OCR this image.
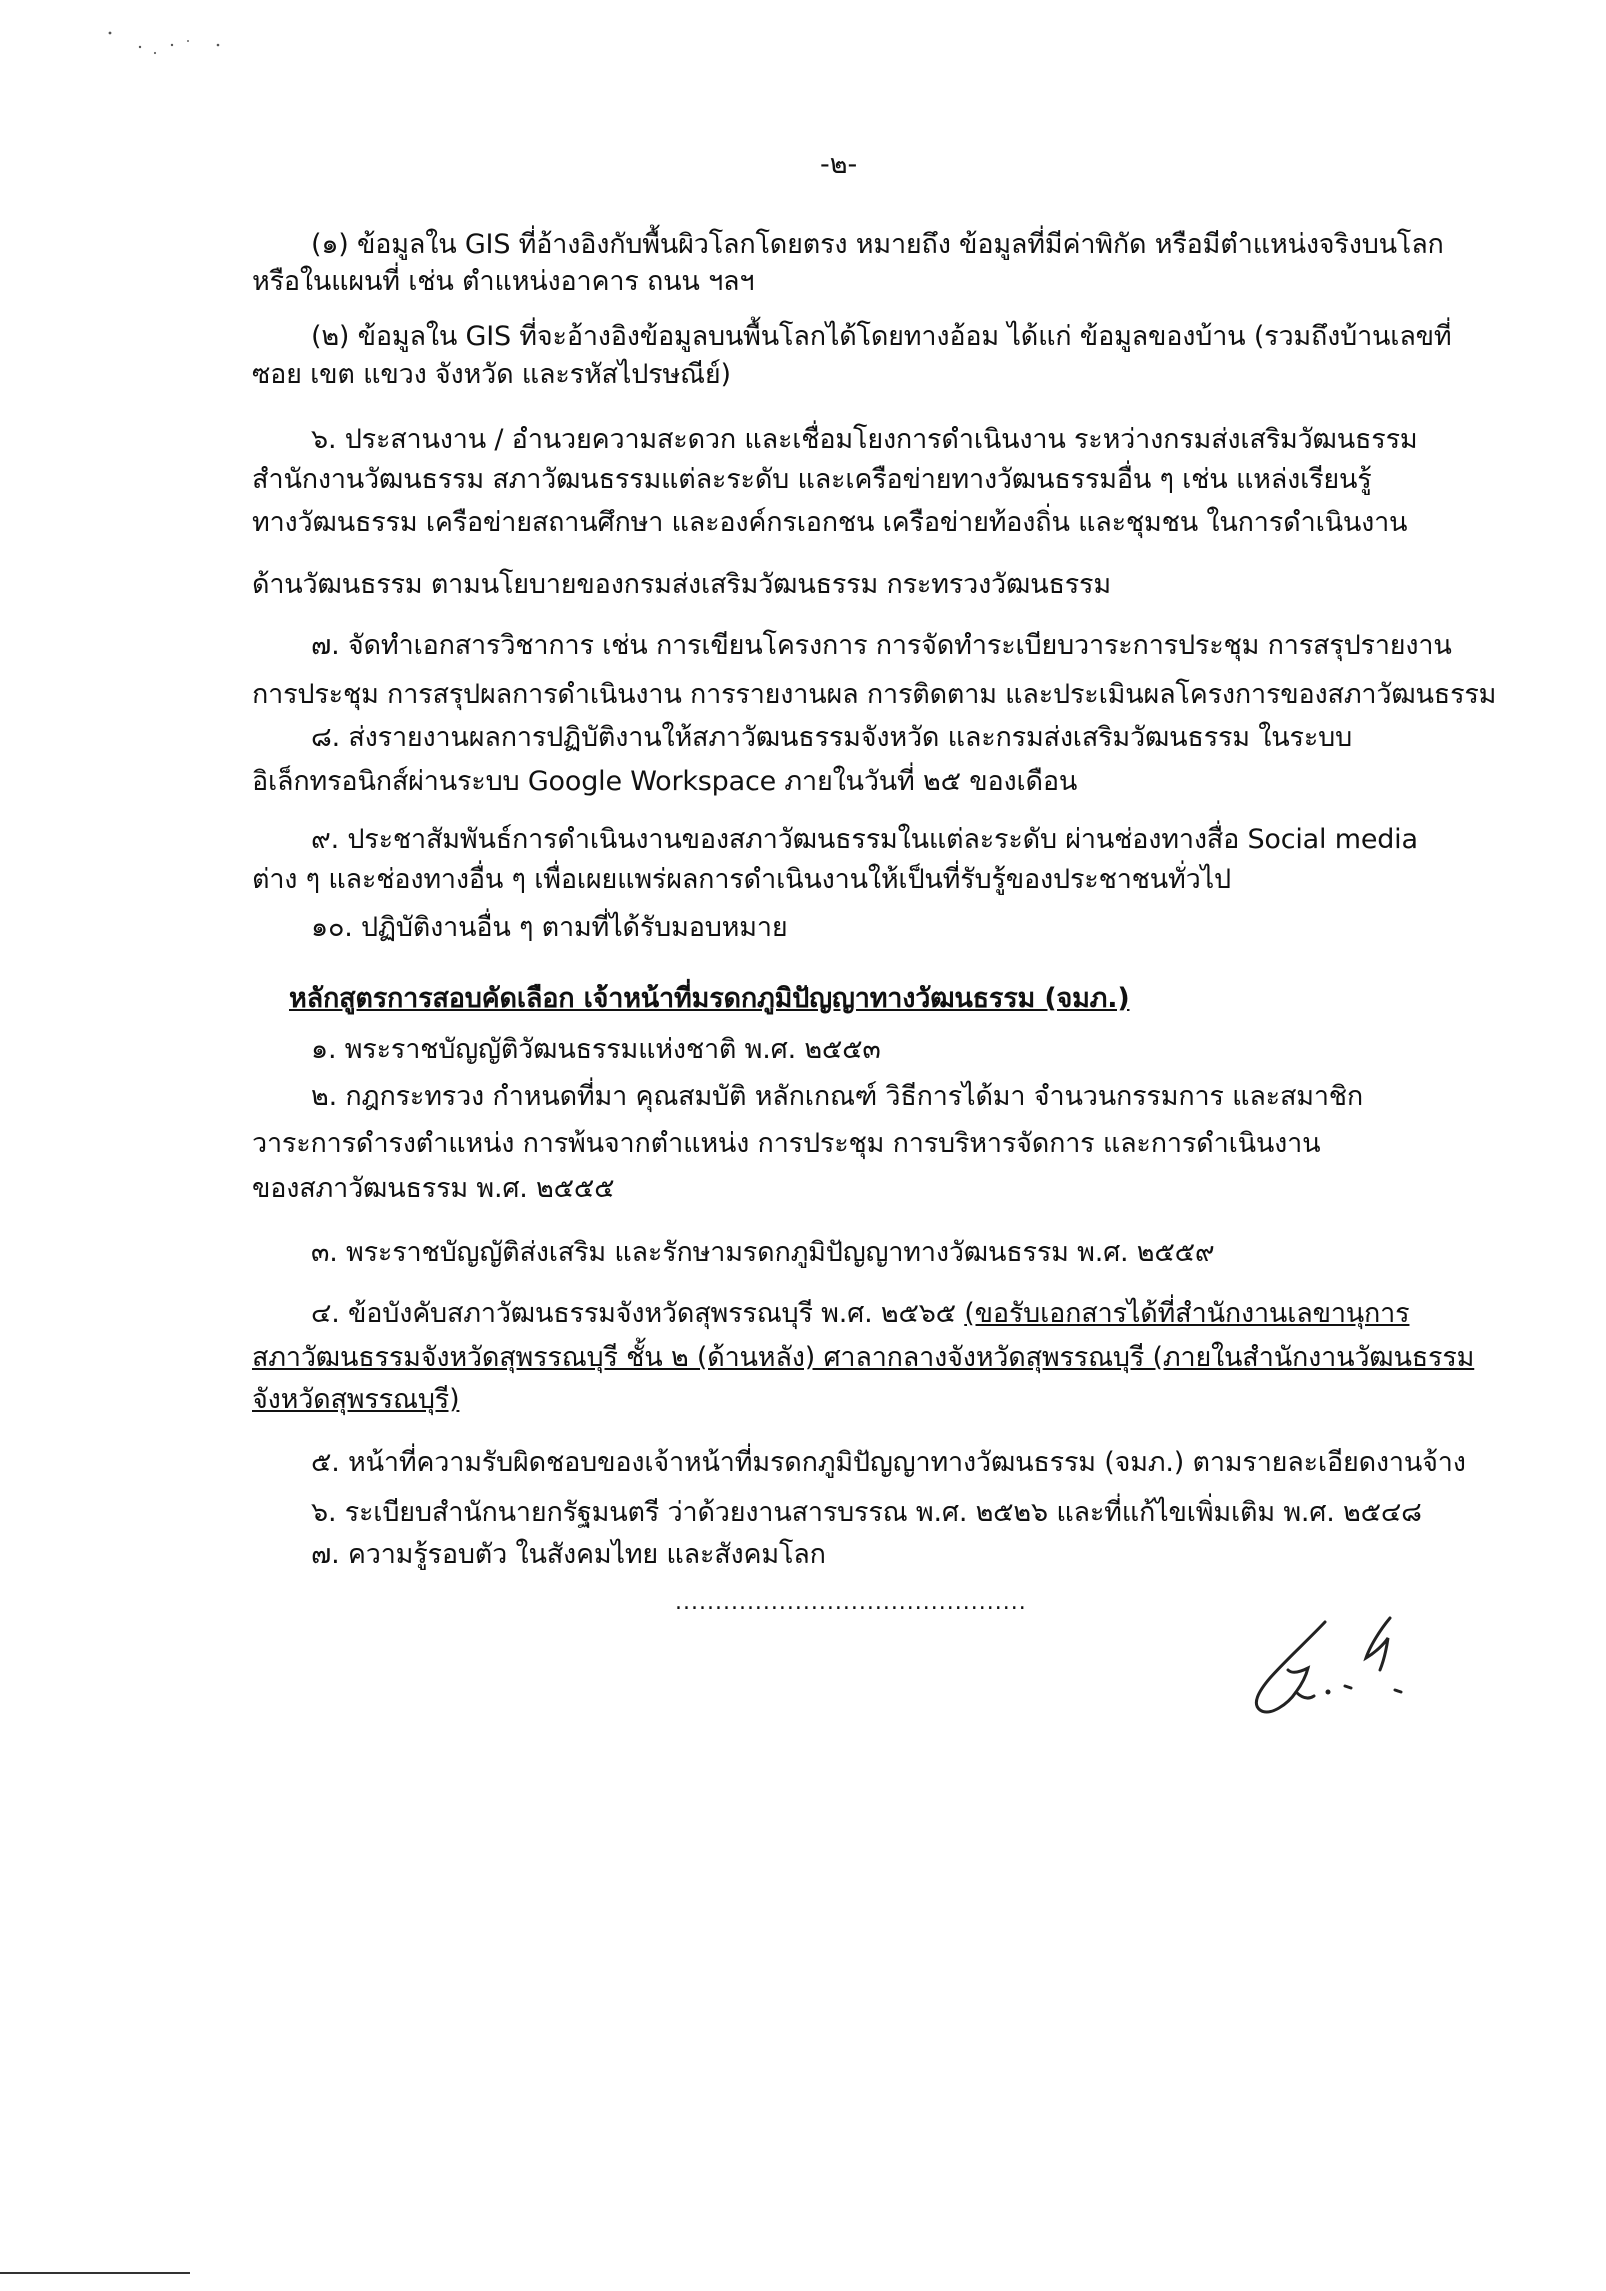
-๒-
(๑) ข้อมูลใน GIS ที่อ้างอิงกับพื้นผิวโลกโดยตรง หมายถึง ข้อมูลที่มีค่าพิกัด หรือมีตำแหน่งจริงบนโลก
หรือในแผนที่ เช่น ตำแหน่งอาคาร ถนน ฯลฯ
(๒) ข้อมูลใน GIS ที่จะอ้างอิงข้อมูลบนพื้นโลกได้โดยทางอ้อม ได้แก่ ข้อมูลของบ้าน (รวมถึงบ้านเลขที่
ซอย เขต แขวง จังหวัด และรหัสไปรษณีย์)
๖. ประสานงาน / อำนวยความสะดวก และเชื่อมโยงการดำเนินงาน ระหว่างกรมส่งเสริมวัฒนธรรม
สำนักงานวัฒนธรรม สภาวัฒนธรรมแต่ละระดับ และเครือข่ายทางวัฒนธรรมอื่น ๆ เช่น แหล่งเรียนรู้
ทางวัฒนธรรม เครือข่ายสถานศึกษา และองค์กรเอกชน เครือข่ายท้องถิ่น และชุมชน ในการดำเนินงาน
ด้านวัฒนธรรม ตามนโยบายของกรมส่งเสริมวัฒนธรรม กระทรวงวัฒนธรรม
๗. จัดทำเอกสารวิชาการ เช่น การเขียนโครงการ การจัดทำระเบียบวาระการประชุม การสรุปรายงาน
การประชุม การสรุปผลการดำเนินงาน การรายงานผล การติดตาม และประเมินผลโครงการของสภาวัฒนธรรม
๘. ส่งรายงานผลการปฏิบัติงานให้สภาวัฒนธรรมจังหวัด และกรมส่งเสริมวัฒนธรรม ในระบบ
อิเล็กทรอนิกส์ผ่านระบบ Google Workspace ภายในวันที่ ๒๕ ของเดือน
๙. ประชาสัมพันธ์การดำเนินงานของสภาวัฒนธรรมในแต่ละระดับ ผ่านช่องทางสื่อ Social media
ต่าง ๆ และช่องทางอื่น ๆ เพื่อเผยแพร่ผลการดำเนินงานให้เป็นที่รับรู้ของประชาชนทั่วไป
๑๐. ปฏิบัติงานอื่น ๆ ตามที่ได้รับมอบหมาย
หลักสูตรการสอบคัดเลือก เจ้าหน้าที่มรดกภูมิปัญญาทางวัฒนธรรม (จมภ.)
๑. พระราชบัญญัติวัฒนธรรมแห่งชาติ พ.ศ. ๒๕๕๓
๒. กฎกระทรวง กำหนดที่มา คุณสมบัติ หลักเกณฑ์ วิธีการได้มา จำนวนกรรมการ และสมาชิก
วาระการดำรงตำแหน่ง การพ้นจากตำแหน่ง การประชุม การบริหารจัดการ และการดำเนินงาน
ของสภาวัฒนธรรม พ.ศ. ๒๕๕๕
๓. พระราชบัญญัติส่งเสริม และรักษามรดกภูมิปัญญาทางวัฒนธรรม พ.ศ. ๒๕๕๙
๔. ข้อบังคับสภาวัฒนธรรมจังหวัดสุพรรณบุรี พ.ศ. ๒๕๖๕ (ขอรับเอกสารได้ที่สำนักงานเลขานุการ
สภาวัฒนธรรมจังหวัดสุพรรณบุรี ชั้น ๒ (ด้านหลัง) ศาลากลางจังหวัดสุพรรณบุรี (ภายในสำนักงานวัฒนธรรม
จังหวัดสุพรรณบุรี)
๕. หน้าที่ความรับผิดชอบของเจ้าหน้าที่มรดกภูมิปัญญาทางวัฒนธรรม (จมภ.) ตามรายละเอียดงานจ้าง
๖. ระเบียบสำนักนายกรัฐมนตรี ว่าด้วยงานสารบรรณ พ.ศ. ๒๕๒๖ และที่แก้ไขเพิ่มเติม พ.ศ. ๒๕๔๘
๗. ความรู้รอบตัว ในสังคมไทย และสังคมโลก
............................................
